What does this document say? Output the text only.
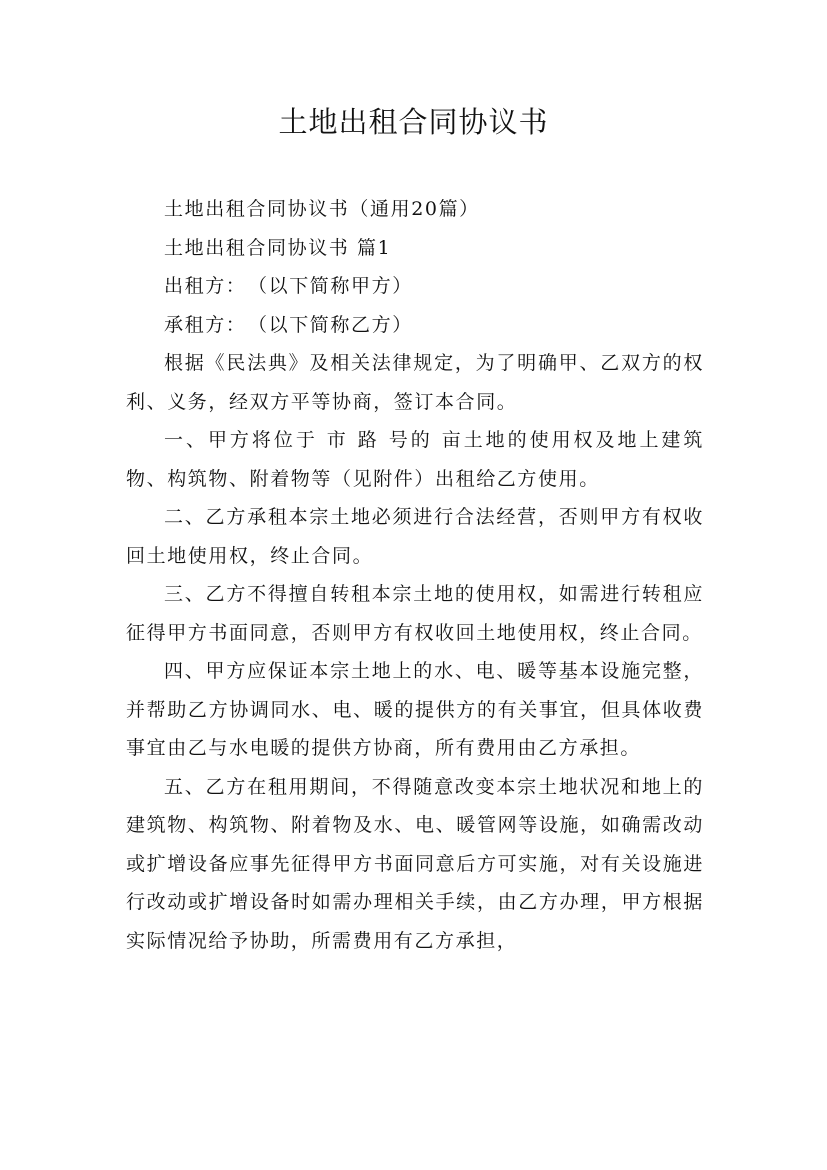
土地出租合同协议书

土地出租合同协议书（通用20篇）

土地出租合同协议书 篇1

出租方：　（以下简称甲方）

承租方：　（以下简称乙方）

根据《民法典》及相关法律规定，为了明确甲、乙双方的权利、义务，经双方平等协商，签订本合同。

一、甲方将位于 市 路 号的 亩土地的使用权及地上建筑物、构筑物、附着物等（见附件）出租给乙方使用。

二、乙方承租本宗土地必须进行合法经营，否则甲方有权收回土地使用权，终止合同。

三、乙方不得擅自转租本宗土地的使用权，如需进行转租应征得甲方书面同意，否则甲方有权收回土地使用权，终止合同。

四、甲方应保证本宗土地上的水、电、暖等基本设施完整，并帮助乙方协调同水、电、暖的提供方的有关事宜，但具体收费事宜由乙与水电暖的提供方协商，所有费用由乙方承担。

五、乙方在租用期间，不得随意改变本宗土地状况和地上的建筑物、构筑物、附着物及水、电、暖管网等设施，如确需改动或扩增设备应事先征得甲方书面同意后方可实施，对有关设施进行改动或扩增设备时如需办理相关手续，由乙方办理，甲方根据实际情况给予协助，所需费用有乙方承担，
